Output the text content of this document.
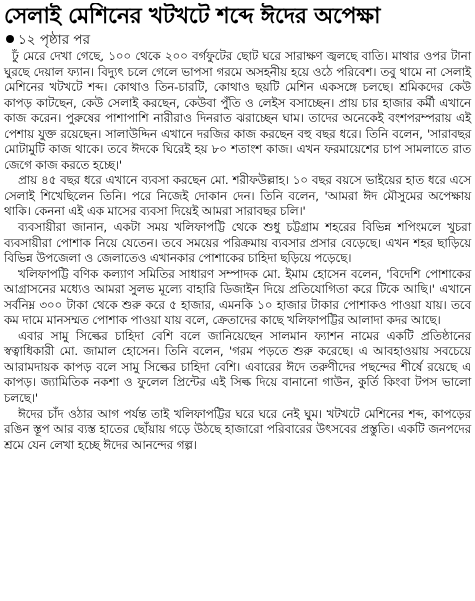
সেলাই মেশিনের খটখটে শব্দে ঈদের অপেক্ষা
১২ পৃষ্ঠার পর

ঢুঁ মেরে দেখা গেছে, ১০০ থেকে ২০০ বর্গফুটের ছোট ঘরে সারাক্ষণ জ্বলছে বাতি। মাথার ওপর টানা ঘুরছে দেয়াল ফ্যান। বিদ্যুৎ চলে গেলে ভাপসা গরমে অসহনীয় হয়ে ওঠে পরিবেশ। তবু থামে না সেলাই মেশিনের খটখটে শব্দ। কোথাও তিন-চারটি, কোথাও ছয়টি মেশিন একসঙ্গে চলছে। শ্রমিকদের কেউ কাপড় কাটছেন, কেউ সেলাই করছেন, কেউবা পুঁতি ও লেইস বসাচ্ছেন। প্রায় চার হাজার কর্মী এখানে কাজ করেন। পুরুষের পাশাপাশি নারীরাও দিনরাত ঝরাচ্ছেন ঘাম। তাদের অনেকেই বংশপরম্পরায় এই পেশায় যুক্ত রয়েছেন। সালাউদ্দিন এখানে দরজির কাজ করছেন বহু বছর ধরে। তিনি বলেন, 'সারাবছর মোটামুটি কাজ থাকে। তবে ঈদকে ঘিরেই হয় ৮০ শতাংশ কাজ। এখন ফরমায়েশের চাপ সামলাতে রাত জেগে কাজ করতে হচ্ছে।'

প্রায় ৪৫ বছর ধরে এখানে ব্যবসা করছেন মো. শরীফউল্লাহ। ১০ বছর বয়সে ভাইয়ের হাত ধরে এসে সেলাই শিখেছিলেন তিনি। পরে নিজেই দোকান দেন। তিনি বলেন, 'আমরা ঈদ মৌসুমের অপেক্ষায় থাকি। কেননা এই এক মাসের ব্যবসা দিয়েই আমরা সারাবছর চলি।'

ব্যবসায়ীরা জানান, একটা সময় খলিফাপট্টি থেকে শুধু চট্টগ্রাম শহরের বিভিন্ন শপিংমলে খুচরা ব্যবসায়ীরা পোশাক নিয়ে যেতেন। তবে সময়ের পরিক্রমায় ব্যবসার প্রসার বেড়েছে। এখন শহর ছাড়িয়ে বিভিন্ন উপজেলা ও জেলাতেও এখানকার পোশাকের চাহিদা ছড়িয়ে পড়েছে।

খলিফাপট্টি বণিক কল্যাণ সমিতির সাধারণ সম্পাদক মো. ইমাম হোসেন বলেন, 'বিদেশি পোশাকের আগ্রাসনের মধ্যেও আমরা সুলভ মূল্যে বাহারি ডিজাইন দিয়ে প্রতিযোগিতা করে টিকে আছি।' এখানে সর্বনিম্ন ৩০০ টাকা থেকে শুরু করে ৫ হাজার, এমনকি ১০ হাজার টাকার পোশাকও পাওয়া যায়। তবে কম দামে মানসম্মত পোশাক পাওয়া যায় বলে, ক্রেতাদের কাছে খলিফাপট্টির আলাদা কদর আছে।

এবার সামু সিল্কের চাহিদা বেশি বলে জানিয়েছেন সালমান ফ্যাশন নামের একটি প্রতিষ্ঠানের স্বত্বাধিকারী মো. জামাল হোসেন। তিনি বলেন, 'গরম পড়তে শুরু করেছে। এ আবহাওয়ায় সবচেয়ে আরামদায়ক কাপড় বলে সামু সিল্কের চাহিদা বেশি। এবারের ঈদে তরুণীদের পছন্দের শীর্ষে রয়েছে এ কাপড়। জ্যামিতিক নকশা ও ফুলেল প্রিন্টের এই সিল্ক দিয়ে বানানো গাউন, কুর্তি কিংবা টপস ভালো চলছে।'

ঈদের চাঁদ ওঠার আগ পর্যন্ত তাই খলিফাপট্টির ঘরে ঘরে নেই ঘুম। খটখটে মেশিনের শব্দ, কাপড়ের রঙিন স্তূপ আর ব্যস্ত হাতের ছোঁয়ায় গড়ে উঠছে হাজারো পরিবারের উৎসবের প্রস্তুতি। একটি জনপদের শ্রমে যেন লেখা হচ্ছে ঈদের আনন্দের গল্প।
